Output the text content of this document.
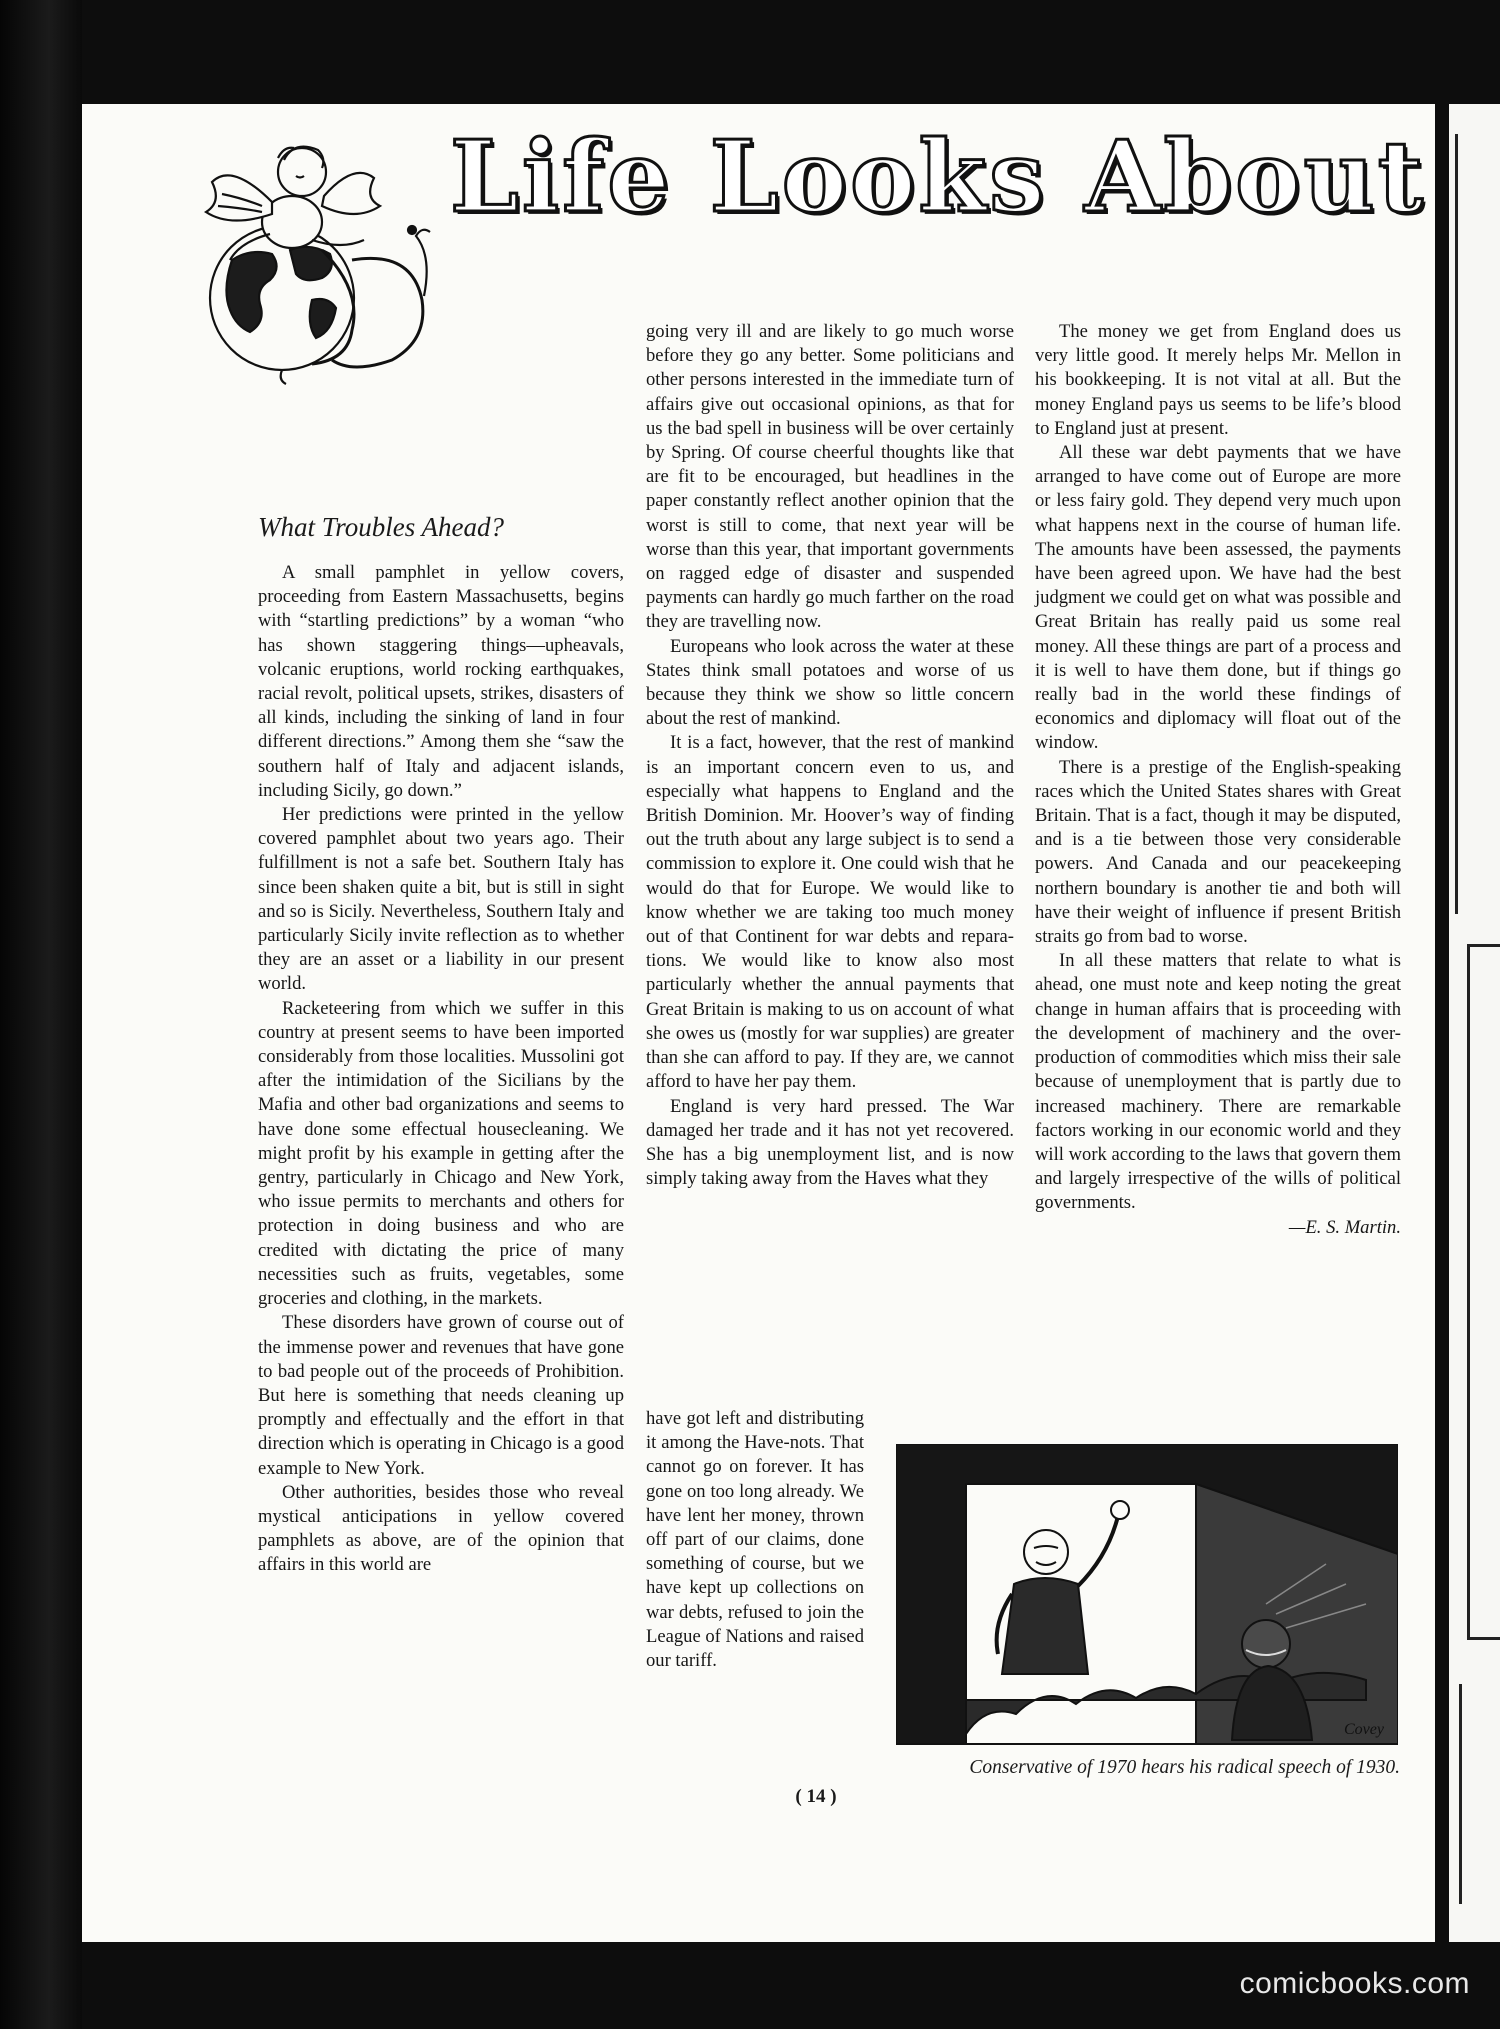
Life Looks About
What Troubles Ahead?

A small pamphlet in yellow covers, proceeding from Eastern Massachusetts, begins with “startling predictions” by a woman “who has shown staggering things—upheavals, volcanic eruptions, world rocking earthquakes, racial revolt, political upsets, strikes, disasters of all kinds, including the sinking of land in four different directions.” Among them she “saw the southern half of Italy and adjacent islands, including Sicily, go down.”

Her predictions were printed in the yellow covered pamphlet about two years ago. Their fulfillment is not a safe bet. Southern Italy has since been shaken quite a bit, but is still in sight and so is Sicily. Nevertheless, Southern Italy and particularly Sicily invite reflection as to whether they are an asset or a liability in our present world.

Racketeering from which we suffer in this country at present seems to have been imported considerably from those localities. Mussolini got after the intimidation of the Sicilians by the Mafia and other bad organizations and seems to have done some effectual housecleaning. We might profit by his example in getting after the gentry, particularly in Chicago and New York, who issue permits to merchants and others for protection in doing business and who are credited with dictating the price of many necessities such as fruits, vegetables, some groceries and clothing, in the markets.

These disorders have grown of course out of the immense power and revenues that have gone to bad people out of the proceeds of Prohibition. But here is something that needs cleaning up promptly and effectually and the effort in that direction which is operating in Chicago is a good example to New York.

Other authorities, besides those who reveal mystical anticipations in yellow covered pamphlets as above, are of the opinion that affairs in this world are

going very ill and are likely to go much worse before they go any better. Some politicians and other persons interested in the immediate turn of affairs give out occasional opinions, as that for us the bad spell in business will be over certainly by Spring. Of course cheerful thoughts like that are fit to be encouraged, but headlines in the paper constantly reflect another opinion that the worst is still to come, that next year will be worse than this year, that important governments on ragged edge of disaster and suspended payments can hardly go much farther on the road they are travelling now.

Europeans who look across the water at these States think small potatoes and worse of us because they think we show so little concern about the rest of mankind.

It is a fact, however, that the rest of mankind is an important concern even to us, and especially what happens to England and the British Dominion. Mr. Hoover’s way of finding out the truth about any large subject is to send a commission to explore it. One could wish that he would do that for Europe. We would like to know whether we are taking too much money out of that Continent for war debts and reparations. We would like to know also most particularly whether the annual payments that Great Britain is making to us on account of what she owes us (mostly for war supplies) are greater than she can afford to pay. If they are, we cannot afford to have her pay them.

England is very hard pressed. The War damaged her trade and it has not yet recovered. She has a big unemployment list, and is now simply taking away from the Haves what they

have got left and distributing it among the Have-nots. That cannot go on forever. It has gone on too long already. We have lent her money, thrown off part of our claims, done something of course, but we have kept up collections on war debts, refused to join the League of Nations and raised our tariff.

The money we get from England does us very little good. It merely helps Mr. Mellon in his bookkeeping. It is not vital at all. But the money England pays us seems to be life’s blood to England just at present.

All these war debt payments that we have arranged to have come out of Europe are more or less fairy gold. They depend very much upon what happens next in the course of human life. The amounts have been assessed, the payments have been agreed upon. We have had the best judgment we could get on what was possible and Great Britain has really paid us some real money. All these things are part of a process and it is well to have them done, but if things go really bad in the world these findings of economics and diplomacy will float out of the window.

There is a prestige of the English-speaking races which the United States shares with Great Britain. That is a fact, though it may be disputed, and is a tie between those very considerable powers. And Canada and our peacekeeping northern boundary is another tie and both will have their weight of influence if present British straits go from bad to worse.

In all these matters that relate to what is ahead, one must note and keep noting the great change in human affairs that is proceeding with the development of machinery and the over-production of commodities which miss their sale because of unemployment that is partly due to increased machinery. There are remarkable factors working in our economic world and they will work according to the laws that govern them and largely irrespective of the wills of political governments.

—E. S. Martin.

Covey
Conservative of 1970 hears his radical speech of 1930.
( 14 )
comicbooks.com
